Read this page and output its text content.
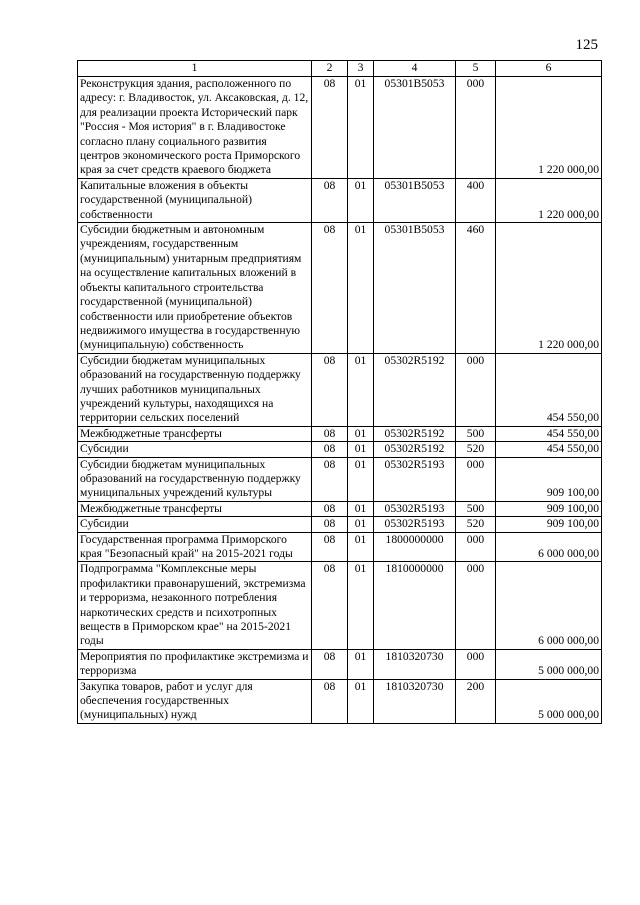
125
1	2	3	4	5	6
Реконструкция здания, расположенного по адресу: г. Владивосток, ул. Аксаковская, д. 12, для реализации проекта Исторический парк "Россия - Моя история" в г. Владивостоке согласно плану социального развития центров экономического роста Приморского края за счет средств краевого бюджета	08	01	05301B5053	000	1 220 000,00
Капитальные вложения в объекты государственной (муниципальной) собственности	08	01	05301B5053	400	1 220 000,00
Субсидии бюджетным и автономным учреждениям, государственным (муниципальным) унитарным предприятиям на осуществление капитальных вложений в объекты капитального строительства государственной (муниципальной) собственности или приобретение объектов недвижимого имущества в государственную (муниципальную) собственность	08	01	05301B5053	460	1 220 000,00
Субсидии бюджетам муниципальных образований на государственную поддержку лучших работников муниципальных учреждений культуры, находящихся на территории сельских поселений	08	01	05302R5192	000	454 550,00
Межбюджетные трансферты	08	01	05302R5192	500	454 550,00
Субсидии	08	01	05302R5192	520	454 550,00
Субсидии бюджетам муниципальных образований на государственную поддержку муниципальных учреждений культуры	08	01	05302R5193	000	909 100,00
Межбюджетные трансферты	08	01	05302R5193	500	909 100,00
Субсидии	08	01	05302R5193	520	909 100,00
Государственная программа Приморского края "Безопасный край" на 2015-2021 годы	08	01	1800000000	000	6 000 000,00
Подпрограмма "Комплексные меры профилактики правонарушений, экстремизма и терроризма, незаконного потребления наркотических средств и психотропных веществ в Приморском крае" на 2015-2021 годы	08	01	1810000000	000	6 000 000,00
Мероприятия по профилактике экстремизма и терроризма	08	01	1810320730	000	5 000 000,00
Закупка товаров, работ и услуг для обеспечения государственных (муниципальных) нужд	08	01	1810320730	200	5 000 000,00
